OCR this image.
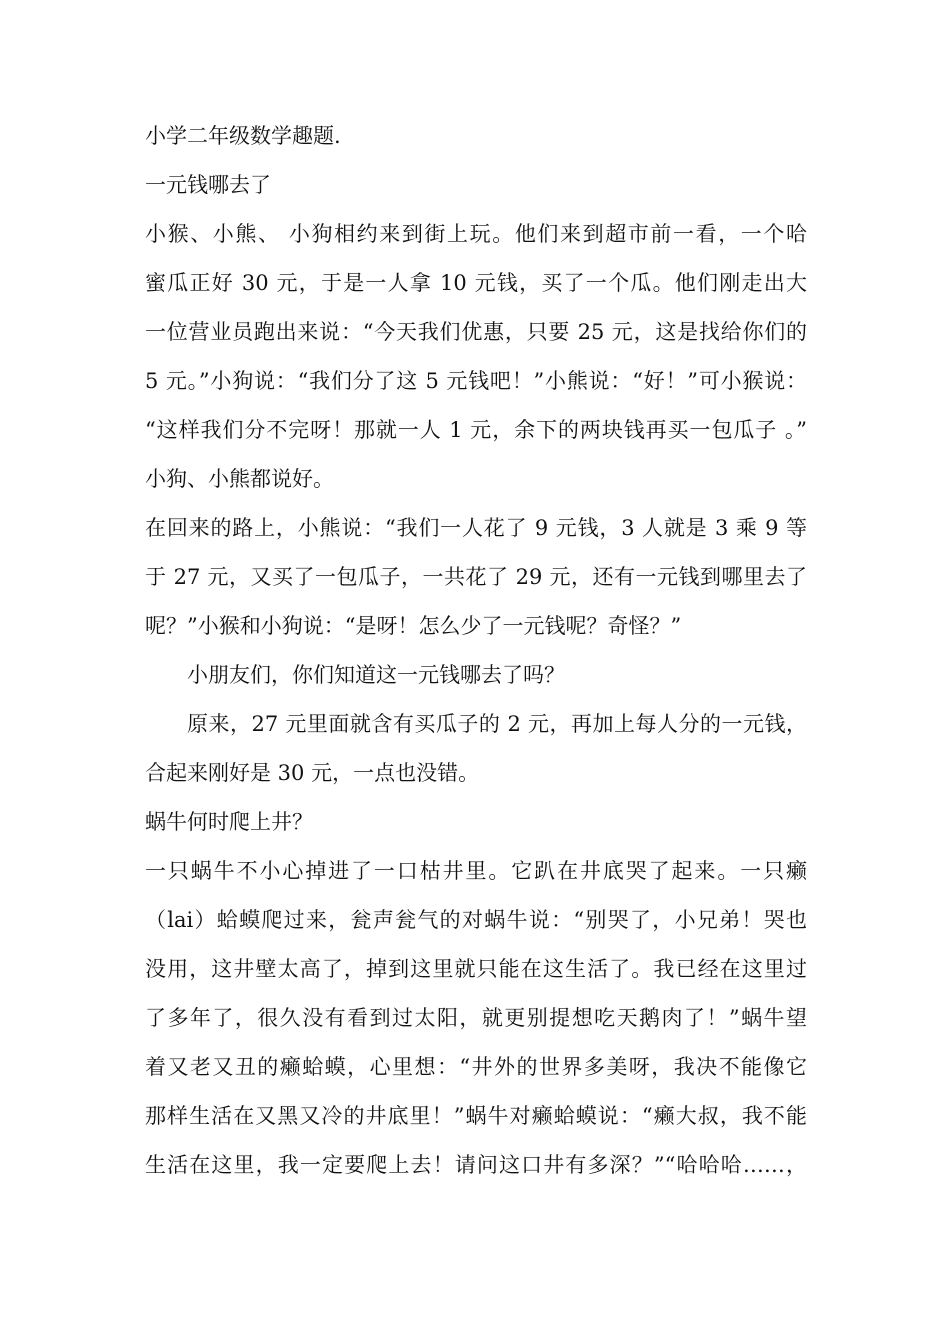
小学二年级数学趣题.
一元钱哪去了
小猴、小熊、 小狗相约来到街上玩。他们来到超市前一看，一个哈
蜜瓜正好 30 元，于是一人拿 10 元钱，买了一个瓜。他们刚走出大
一位营业员跑出来说：“今天我们优惠，只要 25 元，这是找给你们的
5 元。”小狗说：“我们分了这 5 元钱吧！”小熊说：“好！”可小猴说：
“这样我们分不完呀！那就一人 1 元，余下的两块钱再买一包瓜子 。”
小狗、小熊都说好。
在回来的路上，小熊说：“我们一人花了 9 元钱，3 人就是 3 乘 9 等
于 27 元，又买了一包瓜子，一共花了 29 元，还有一元钱到哪里去了
呢？”小猴和小狗说：“是呀！怎么少了一元钱呢？奇怪？”
小朋友们，你们知道这一元钱哪去了吗？
原来，27 元里面就含有买瓜子的 2 元，再加上每人分的一元钱，
合起来刚好是 30 元，一点也没错。
蜗牛何时爬上井？
一只蜗牛不小心掉进了一口枯井里。它趴在井底哭了起来。一只癞
（lai）蛤蟆爬过来，瓮声瓮气的对蜗牛说：“别哭了，小兄弟！哭也
没用，这井壁太高了，掉到这里就只能在这生活了。我已经在这里过
了多年了，很久没有看到过太阳，就更别提想吃天鹅肉了！”蜗牛望
着又老又丑的癞蛤蟆，心里想：“井外的世界多美呀，我决不能像它
那样生活在又黑又冷的井底里！”蜗牛对癞蛤蟆说：“癞大叔，我不能
生活在这里，我一定要爬上去！请问这口井有多深？”“哈哈哈……，
